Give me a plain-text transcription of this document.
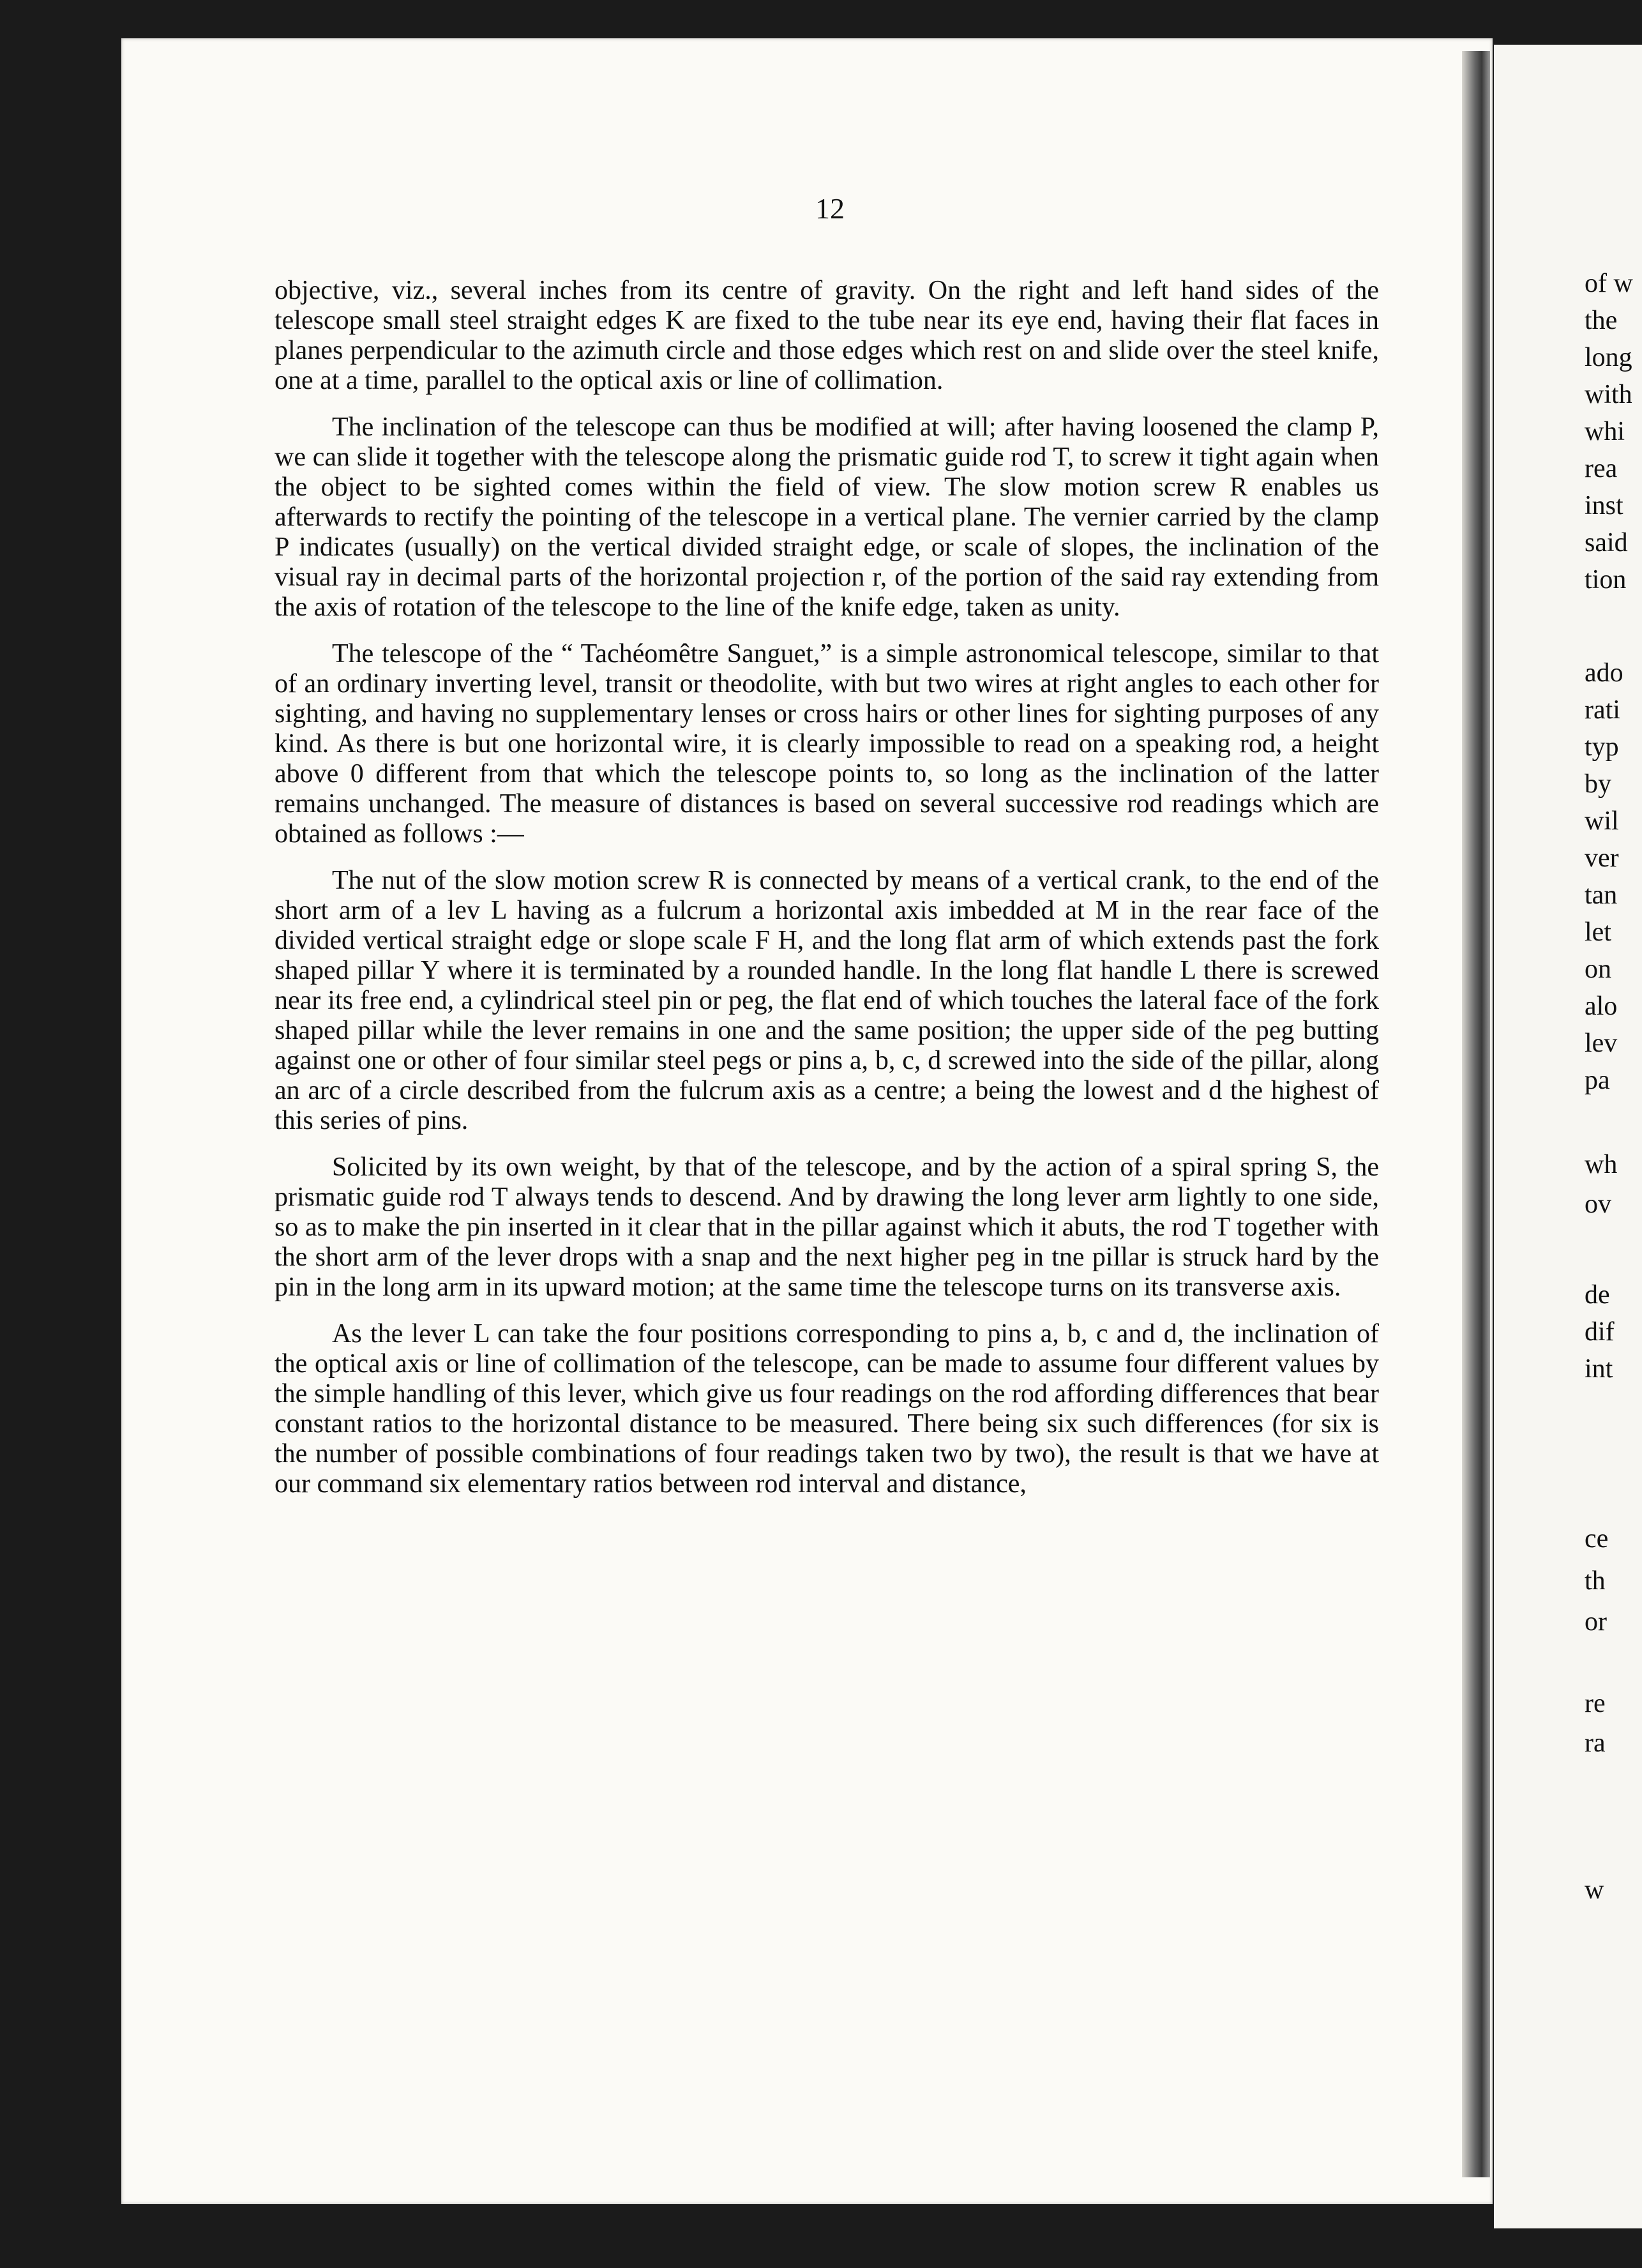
12

objective, viz., several inches from its centre of gravity. On the right and left hand sides of the telescope small steel straight edges K are fixed to the tube near its eye end, having their flat faces in planes perpendicular to the azimuth circle and those edges which rest on and slide over the steel knife, one at a time, parallel to the optical axis or line of collimation.

The inclination of the telescope can thus be modified at will; after having loosened the clamp P, we can slide it together with the telescope along the prismatic guide rod T, to screw it tight again when the object to be sighted comes within the field of view. The slow motion screw R enables us afterwards to rectify the pointing of the telescope in a vertical plane. The vernier carried by the clamp P indicates (usually) on the vertical divided straight edge, or scale of slopes, the inclination of the visual ray in decimal parts of the horizontal projection r, of the portion of the said ray extending from the axis of rotation of the telescope to the line of the knife edge, taken as unity.

The telescope of the “ Tachéomêtre Sanguet,” is a simple astronomical telescope, similar to that of an ordinary inverting level, transit or theodolite, with but two wires at right angles to each other for sighting, and having no supplementary lenses or cross hairs or other lines for sighting purposes of any kind. As there is but one horizontal wire, it is clearly impossible to read on a speaking rod, a height above 0 different from that which the telescope points to, so long as the inclination of the latter remains unchanged. The measure of distances is based on several successive rod readings which are obtained as follows :—

The nut of the slow motion screw R is connected by means of a vertical crank, to the end of the short arm of a lev L having as a fulcrum a horizontal axis imbedded at M in the rear face of the divided vertical straight edge or slope scale F H, and the long flat arm of which extends past the fork shaped pillar Y where it is terminated by a rounded handle. In the long flat handle L there is screwed near its free end, a cylindrical steel pin or peg, the flat end of which touches the lateral face of the fork shaped pillar while the lever remains in one and the same position; the upper side of the peg butting against one or other of four similar steel pegs or pins a, b, c, d screwed into the side of the pillar, along an arc of a circle described from the fulcrum axis as a centre; a being the lowest and d the highest of this series of pins.

Solicited by its own weight, by that of the telescope, and by the action of a spiral spring S, the prismatic guide rod T always tends to descend. And by drawing the long lever arm lightly to one side, so as to make the pin inserted in it clear that in the pillar against which it abuts, the rod T together with the short arm of the lever drops with a snap and the next higher peg in tne pillar is struck hard by the pin in the long arm in its upward motion; at the same time the telescope turns on its transverse axis.

As the lever L can take the four positions corresponding to pins a, b, c and d, the inclination of the optical axis or line of collimation of the telescope, can be made to assume four different values by the simple handling of this lever, which give us four readings on the rod affording differences that bear constant ratios to the horizontal distance to be measured. There being six such differences (for six is the number of possible combinations of four readings taken two by two), the result is that we have at our command six elementary ratios between rod interval and distance,

of w
the
long
with
whi
rea
inst
said
tion
ado
rati
typ
by
wil
ver
tan
let
on
alo
lev
pa
wh
ov
de
dif
int
ce
th
or
re
ra
w
